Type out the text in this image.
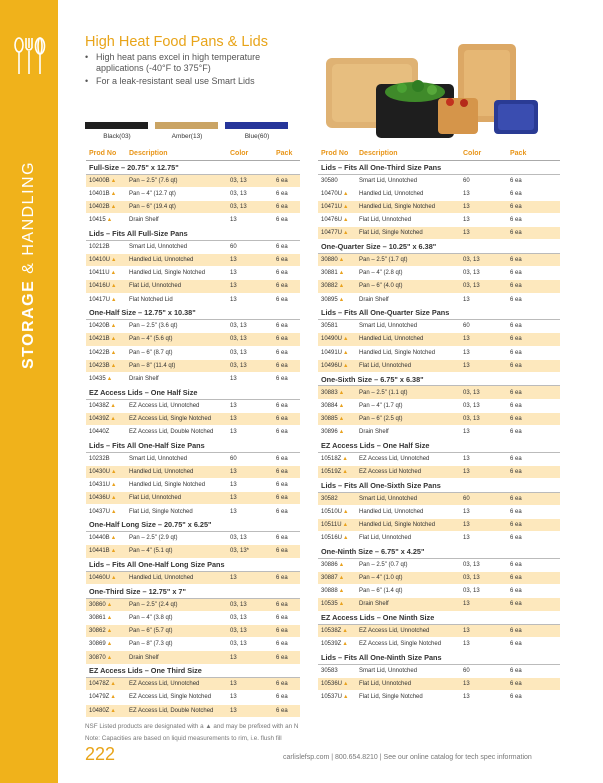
STORAGE & HANDLING
High Heat Food Pans & Lids
• High heat pans excel in high temperature applications (-40°F to 375°F)
• For a leak-resistant seal use Smart Lids
Black(03)	Amber(13)	Blue(60)
Prod No	Description	Color	Pack
Full-Size – 20.75" x 12.75"			
10400B▲	Pan – 2.5" (7.6 qt)	03, 13	6 ea
10401B▲	Pan – 4" (12.7 qt)	03, 13	6 ea
10402B▲	Pan – 6" (19.4 qt)	03, 13	6 ea
10415▲	Drain Shelf	13	6 ea
Lids – Fits All Full-Size Pans			
10212B	Smart Lid, Unnotched	60	6 ea
10410U▲	Handled Lid, Unnotched	13	6 ea
10411U▲	Handled Lid, Single Notched	13	6 ea
10416U▲	Flat Lid, Unnotched	13	6 ea
10417U▲	Flat Notched Lid	13	6 ea
One-Half Size – 12.75" x 10.38"			
10420B▲	Pan – 2.5" (3.6 qt)	03, 13	6 ea
10421B▲	Pan – 4" (5.6 qt)	03, 13	6 ea
10422B▲	Pan – 6" (8.7 qt)	03, 13	6 ea
10423B▲	Pan – 8" (11.4 qt)	03, 13	6 ea
10435▲	Drain Shelf	13	6 ea
EZ Access Lids – One Half Size			
10438Z▲	EZ Access Lid, Unnotched	13	6 ea
10439Z▲	EZ Access Lid, Single Notched	13	6 ea
10440Z	EZ Access Lid, Double Notched	13	6 ea
Lids – Fits All One-Half Size Pans			
10232B	Smart Lid, Unnotched	60	6 ea
10430U▲	Handled Lid, Unnotched	13	6 ea
10431U▲	Handled Lid, Single Notched	13	6 ea
10436U▲	Flat Lid, Unnotched	13	6 ea
10437U▲	Flat Lid, Single Notched	13	6 ea
One-Half Long Size – 20.75" x 6.25"			
10440B▲	Pan – 2.5" (2.9 qt)	03, 13	6 ea
10441B▲	Pan – 4" (5.1 qt)	03, 13*	6 ea
Lids – Fits All One-Half Long Size Pans			
10460U▲	Handled Lid, Unnotched	13	6 ea
One-Third Size – 12.75" x 7"			
30860▲	Pan – 2.5" (2.4 qt)	03, 13	6 ea
30861▲	Pan – 4" (3.8 qt)	03, 13	6 ea
30862▲	Pan – 6" (5.7 qt)	03, 13	6 ea
30869▲	Pan – 8" (7.3 qt)	03, 13	6 ea
30870▲	Drain Shelf	13	6 ea
EZ Access Lids – One Third Size			
10478Z▲	EZ Access Lid, Unnotched	13	6 ea
10479Z▲	EZ Access Lid, Single Notched	13	6 ea
10480Z▲	EZ Access Lid, Double Notched	13	6 ea
Prod No	Description	Color	Pack
Lids – Fits All One-Third Size Pans			
30580	Smart Lid, Unnotched	60	6 ea
10470U▲	Handled Lid, Unnotched	13	6 ea
10471U▲	Handled Lid, Single Notched	13	6 ea
10476U▲	Flat Lid, Unnotched	13	6 ea
10477U▲	Flat Lid, Single Notched	13	6 ea
One-Quarter Size – 10.25" x 6.38"			
30880▲	Pan – 2.5" (1.7 qt)	03, 13	6 ea
30881▲	Pan – 4" (2.8 qt)	03, 13	6 ea
30882▲	Pan – 6" (4.0 qt)	03, 13	6 ea
30895▲	Drain Shelf	13	6 ea
Lids – Fits All One-Quarter Size Pans			
30581	Smart Lid, Unnotched	60	6 ea
10490U▲	Handled Lid, Unnotched	13	6 ea
10491U▲	Handled Lid, Single Notched	13	6 ea
10496U▲	Flat Lid, Unnotched	13	6 ea
One-Sixth Size – 6.75" x 6.38"			
30883▲	Pan – 2.5" (1.1 qt)	03, 13	6 ea
30884▲	Pan – 4" (1.7 qt)	03, 13	6 ea
30885▲	Pan – 6" (2.5 qt)	03, 13	6 ea
30896▲	Drain Shelf	13	6 ea
EZ Access Lids – One Half Size			
10518Z▲	EZ Access Lid, Unnotched	13	6 ea
10519Z▲	EZ Access Lid Notched	13	6 ea
Lids – Fits All One-Sixth Size Pans			
30582	Smart Lid, Unnotched	60	6 ea
10510U▲	Handled Lid, Unnotched	13	6 ea
10511U▲	Handled Lid, Single Notched	13	6 ea
10516U▲	Flat Lid, Unnotched	13	6 ea
One-Ninth Size – 6.75" x 4.25"			
30886▲	Pan – 2.5" (0.7 qt)	03, 13	6 ea
30887▲	Pan – 4" (1.0 qt)	03, 13	6 ea
30888▲	Pan – 6" (1.4 qt)	03, 13	6 ea
10535▲	Drain Shelf	13	6 ea
EZ Access Lids – One Ninth Size			
10538Z▲	EZ Access Lid, Unnotched	13	6 ea
10539Z▲	EZ Access Lid, Single Notched	13	6 ea
Lids – Fits All One-Ninth Size Pans			
30583	Smart Lid, Unnotched	60	6 ea
10536U▲	Flat Lid, Unnotched	13	6 ea
10537U▲	Flat Lid, Single Notched	13	6 ea
NSF Listed products are designated with a ▲ and may be prefixed with an N
Note: Capacities are based on liquid measurements to rim, i.e. flush fill
222	carlislefsp.com | 800.654.8210 | See our online catalog for tech spec information
